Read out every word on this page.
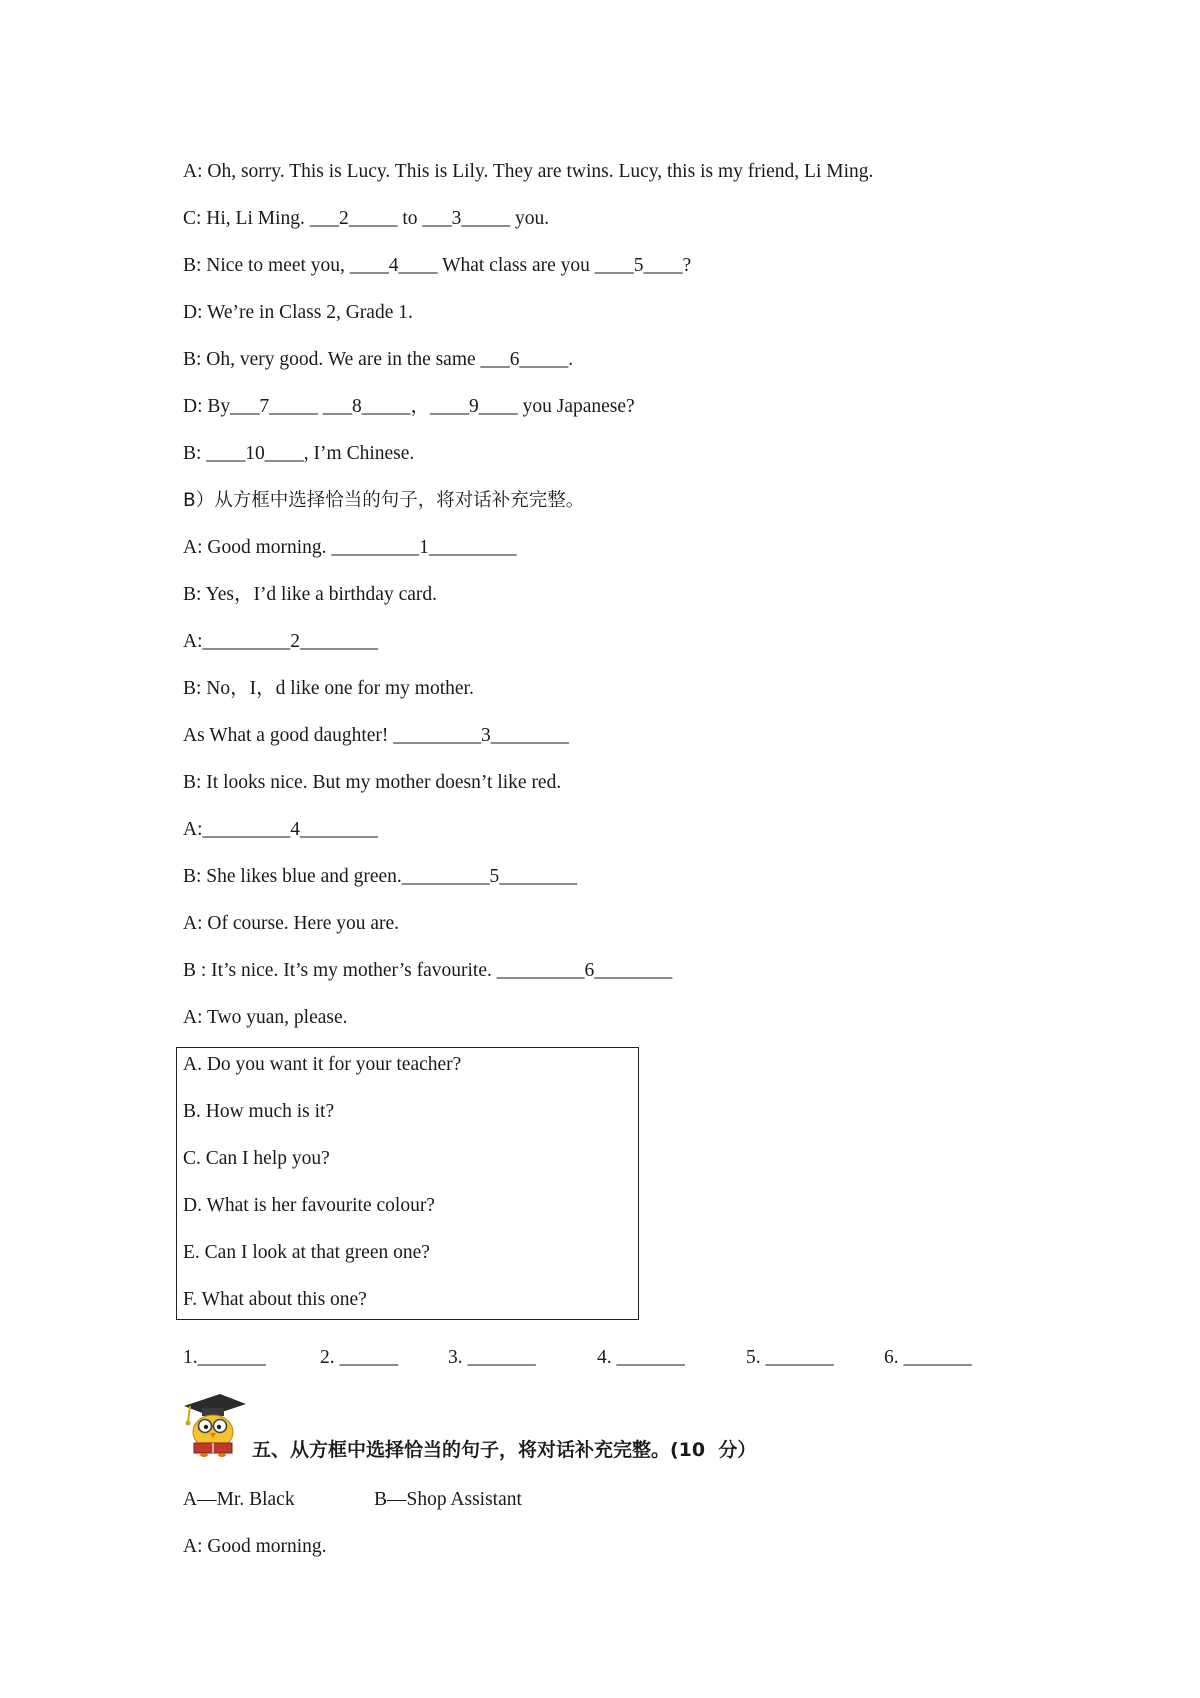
A: Oh, sorry. This is Lucy. This is Lily. They are twins. Lucy, this is my friend, Li Ming.
C: Hi, Li Ming. ___2_____ to ___3_____ you.
B: Nice to meet you, ____4____ What class are you ____5____?
D: We’re in Class 2, Grade 1.
B: Oh, very good. We are in the same ___6_____.
D: By___7_____ ___8_____，____9____ you Japanese?
B: ____10____, I’m Chinese.
B）从方框中选择恰当的句子，将对话补充完整。
A: Good morning. _________1_________
B: Yes，I’d like a birthday card.
A:_________2________
B: No，I，d like one for my mother.
As What a good daughter! _________3________
B: It looks nice. But my mother doesn’t like red.
A:_________4________
B: She likes blue and green._________5________
A: Of course. Here you are.
B : It’s nice. It’s my mother’s favourite. _________6________
A: Two yuan, please.
A. Do you want it for your teacher?
B. How much is it?
C. Can I help you?
D. What is her favourite colour?
E. Can I look at that green one?
F. What about this one?
1._______	2. ______	3. _______	4. _______	5. _______	6. _______
五、从方框中选择恰当的句子，将对话补充完整。(10  分）
A—Mr. Black	B—Shop Assistant
A: Good morning.
